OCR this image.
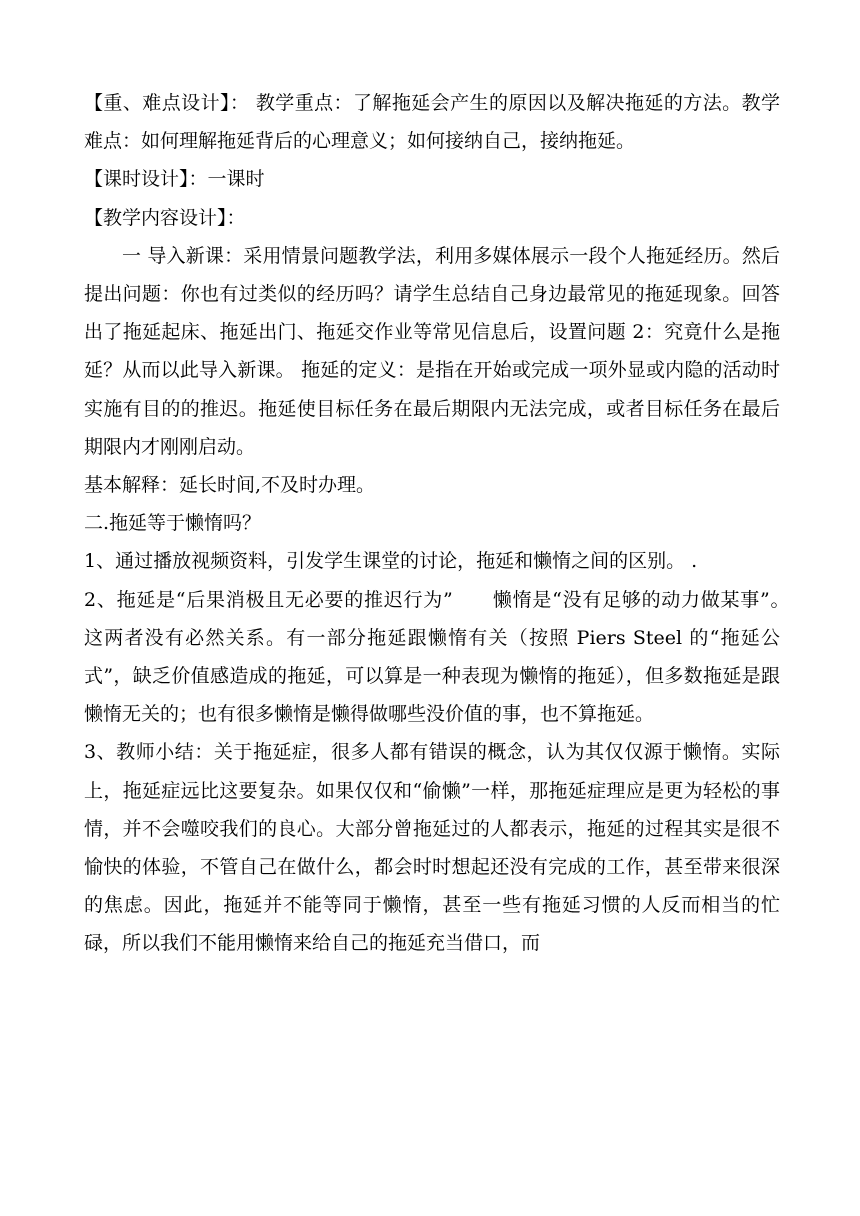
【重、难点设计】： 教学重点：了解拖延会产生的原因以及解决拖延的方法。教学难点：如何理解拖延背后的心理意义；如何接纳自己，接纳拖延。

【课时设计】：一课时

【教学内容设计】：

一 导入新课：采用情景问题教学法，利用多媒体展示一段个人拖延经历。然后提出问题：你也有过类似的经历吗？请学生总结自己身边最常见的拖延现象。回答出了拖延起床、拖延出门、拖延交作业等常见信息后，设置问题 2：究竟什么是拖延？从而以此导入新课。 拖延的定义：是指在开始或完成一项外显或内隐的活动时实施有目的的推迟。拖延使目标任务在最后期限内无法完成，或者目标任务在最后期限内才刚刚启动。

基本解释：延长时间,不及时办理。

二.拖延等于懒惰吗？

1、通过播放视频资料，引发学生课堂的讨论，拖延和懒惰之间的区别。 .

2、拖延是“后果消极且无必要的推迟行为”　　懒惰是“没有足够的动力做某事”。　 这两者没有必然关系。有一部分拖延跟懒惰有关（按照 Piers Steel 的“拖延公式”，缺乏价值感造成的拖延，可以算是一种表现为懒惰的拖延），但多数拖延是跟懒惰无关的；也有很多懒惰是懒得做哪些没价值的事，也不算拖延。

3、教师小结：关于拖延症，很多人都有错误的概念，认为其仅仅源于懒惰。实际上，拖延症远比这要复杂。如果仅仅和“偷懒”一样，那拖延症理应是更为轻松的事情，并不会噬咬我们的良心。大部分曾拖延过的人都表示，拖延的过程其实是很不愉快的体验，不管自己在做什么，都会时时想起还没有完成的工作，甚至带来很深的焦虑。因此，拖延并不能等同于懒惰，甚至一些有拖延习惯的人反而相当的忙碌，所以我们不能用懒惰来给自己的拖延充当借口，而
